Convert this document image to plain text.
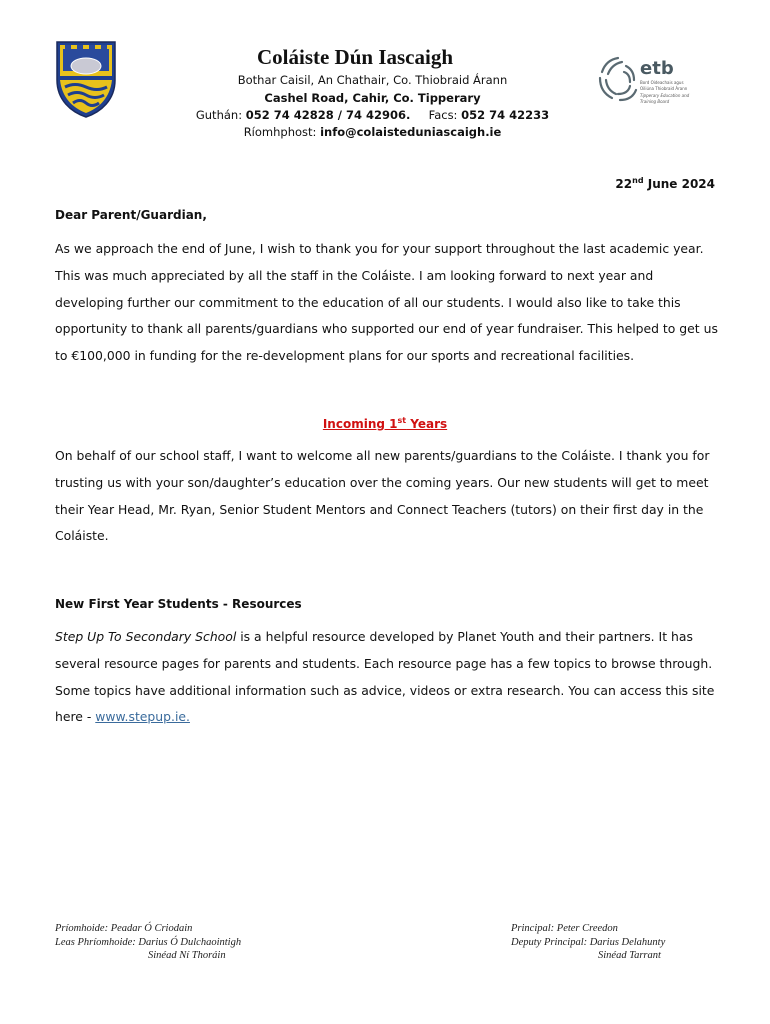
Coláiste Dún Iascaigh
Bothar Caisil, An Chathair, Co. Thiobraid Árann
Cashel Road, Cahir, Co. Tipperary
Guthán: 052 74 42828 / 74 42906. Facs: 052 74 42233
Ríomhphost: info@colaisteduniascaigh.ie
etb
Bord Oideachais agus
Oiliúna Thiobraid Árann
Tipperary Education and
Training Board
22nd June 2024
Dear Parent/Guardian,
As we approach the end of June, I wish to thank you for your support throughout the last academic year. This was much appreciated by all the staff in the Coláiste. I am looking forward to next year and developing further our commitment to the education of all our students. I would also like to take this opportunity to thank all parents/guardians who supported our end of year fundraiser. This helped to get us to €100,000 in funding for the re-development plans for our sports and recreational facilities.
Incoming 1st Years
On behalf of our school staff, I want to welcome all new parents/guardians to the Coláiste. I thank you for trusting us with your son/daughter’s education over the coming years. Our new students will get to meet their Year Head, Mr. Ryan, Senior Student Mentors and Connect Teachers (tutors) on their first day in the Coláiste.
New First Year Students - Resources
Step Up To Secondary School is a helpful resource developed by Planet Youth and their partners. It has several resource pages for parents and students. Each resource page has a few topics to browse through. Some topics have additional information such as advice, videos or extra research. You can access this site here - www.stepup.ie.
Príomhoide: Peadar Ó Criodain
Leas Phríomhoide: Darius Ó Dulchaointigh
Sinéad Ní Thoráin
Principal: Peter Creedon
Deputy Principal: Darius Delahunty
Sinéad Tarrant
